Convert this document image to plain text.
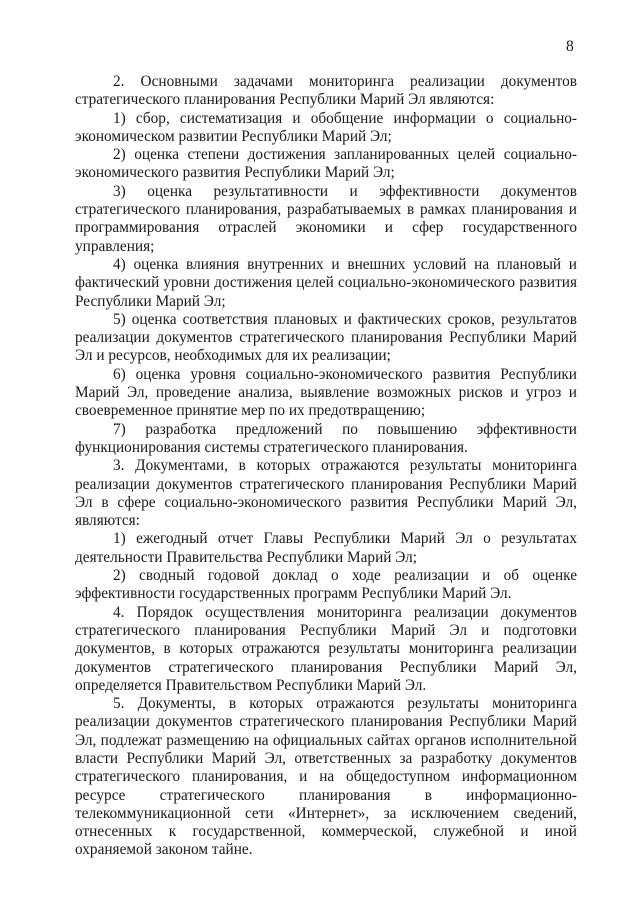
8

2. Основными задачами мониторинга реализации документов стратегического планирования Республики Марий Эл являются:

1) сбор, систематизация и обобщение информации о социально-экономическом развитии Республики Марий Эл;

2) оценка степени достижения запланированных целей социально-экономического развития Республики Марий Эл;

3) оценка результативности и эффективности документов стратегического планирования, разрабатываемых в рамках планирования и программирования отраслей экономики и сфер государственного управления;

4) оценка влияния внутренних и внешних условий на плановый и фактический уровни достижения целей социально-экономического развития Республики Марий Эл;

5) оценка соответствия плановых и фактических сроков, результатов реализации документов стратегического планирования Республики Марий Эл и ресурсов, необходимых для их реализации;

6) оценка уровня социально-экономического развития Республики Марий Эл, проведение анализа, выявление возможных рисков и угроз и своевременное принятие мер по их предотвращению;

7) разработка предложений по повышению эффективности функционирования системы стратегического планирования.

3. Документами, в которых отражаются результаты мониторинга реализации документов стратегического планирования Республики Марий Эл в сфере социально-экономического развития Республики Марий Эл, являются:

1) ежегодный отчет Главы Республики Марий Эл о результатах деятельности Правительства Республики Марий Эл;

2) сводный годовой доклад о ходе реализации и об оценке эффективности государственных программ Республики Марий Эл.

4. Порядок осуществления мониторинга реализации документов стратегического планирования Республики Марий Эл и подготовки документов, в которых отражаются результаты мониторинга реализации документов стратегического планирования Республики Марий Эл, определяется Правительством Республики Марий Эл.

5. Документы, в которых отражаются результаты мониторинга реализации документов стратегического планирования Республики Марий Эл, подлежат размещению на официальных сайтах органов исполнительной власти Республики Марий Эл, ответственных за разработку документов стратегического планирования, и на общедоступном информационном ресурсе стратегического планирования в информационно-телекоммуникационной сети «Интернет», за исключением сведений, отнесенных к государственной, коммерческой, служебной и иной охраняемой законом тайне.
